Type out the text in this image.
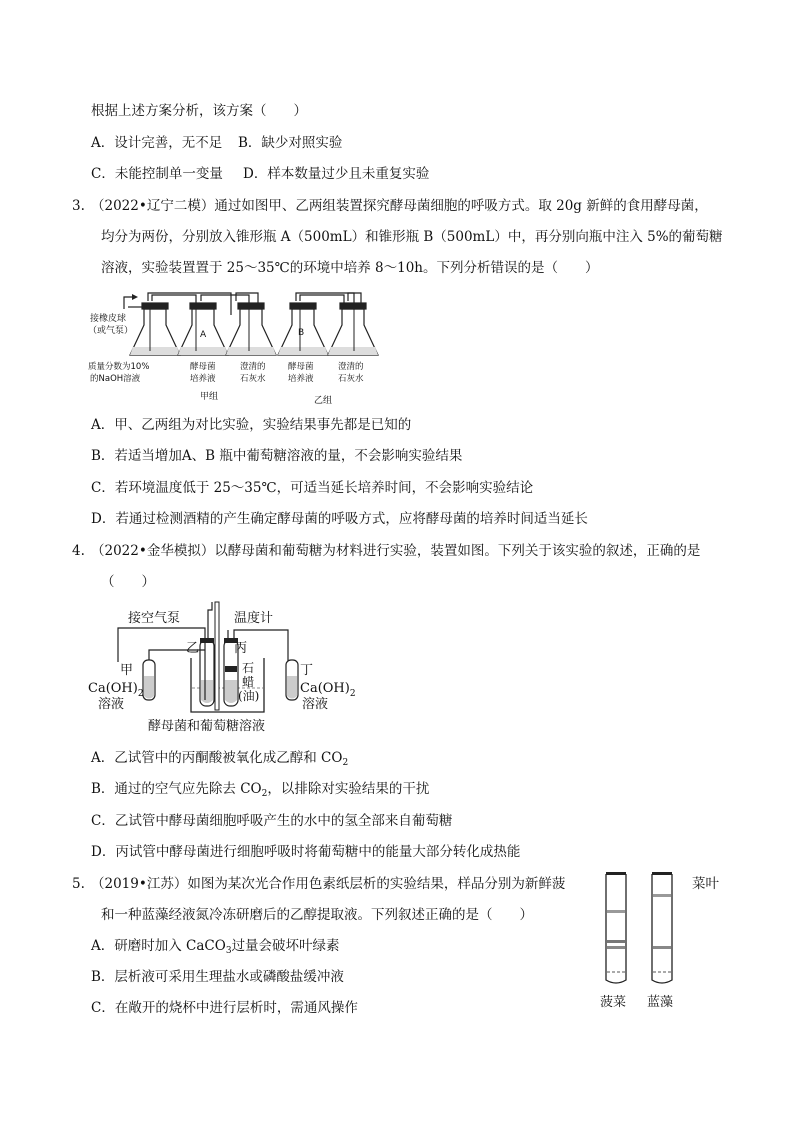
根据上述方案分析，该方案（　　）
A．设计完善，无不足 B．缺少对照实验
C．未能控制单一变量 D．样本数量过少且未重复实验
3. （2022•辽宁二模）通过如图甲、乙两组装置探究酵母菌细胞的呼吸方式。取 20g 新鲜的食用酵母菌，
均分为两份，分别放入锥形瓶 A（500mL）和锥形瓶 B（500mL）中，再分别向瓶中注入 5%的葡萄糖
溶液，实验装置置于 25～35℃的环境中培养 8～10h。下列分析错误的是（　　）
A	B
接橡皮球
（或气泵）
质量分数为10%
的NaOH溶液
酵母菌
培养液
澄清的
石灰水
酵母菌
培养液
澄清的
石灰水
甲组	乙组
A．甲、乙两组为对比实验，实验结果事先都是已知的
B．若适当增加A、B 瓶中葡萄糖溶液的量，不会影响实验结果
C．若环境温度低于 25～35℃，可适当延长培养时间，不会影响实验结论
D．若通过检测酒精的产生确定酵母菌的呼吸方式，应将酵母菌的培养时间适当延长
4. （2022•金华模拟）以酵母菌和葡萄糖为材料进行实验，装置如图。下列关于该实验的叙述，正确的是
（　　）
接空气泵	温度计
乙	丙
甲	丁
$Ca(OH)_2$
溶液
$Ca(OH)_2$
溶液
石
蜡
(油)
酵母菌和葡萄糖溶液
A．乙试管中的丙酮酸被氧化成乙醇和 $CO_2$
B．通过的空气应先除去 $CO_2$，以排除对实验结果的干扰
C．乙试管中酵母菌细胞呼吸产生的水中的氢全部来自葡萄糖
D．丙试管中酵母菌进行细胞呼吸时将葡萄糖中的能量大部分转化成热能
5. （2019•江苏）如图为某次光合作用色素纸层析的实验结果，样品分别为新鲜菠	菜叶
和一种蓝藻经液氮冷冻研磨后的乙醇提取液。下列叙述正确的是（　　）
A．研磨时加入 CaCO$_3$过量会破坏叶绿素
B．层析液可采用生理盐水或磷酸盐缓冲液
C．在敞开的烧杯中进行层析时，需通风操作	菠菜 蓝藻
